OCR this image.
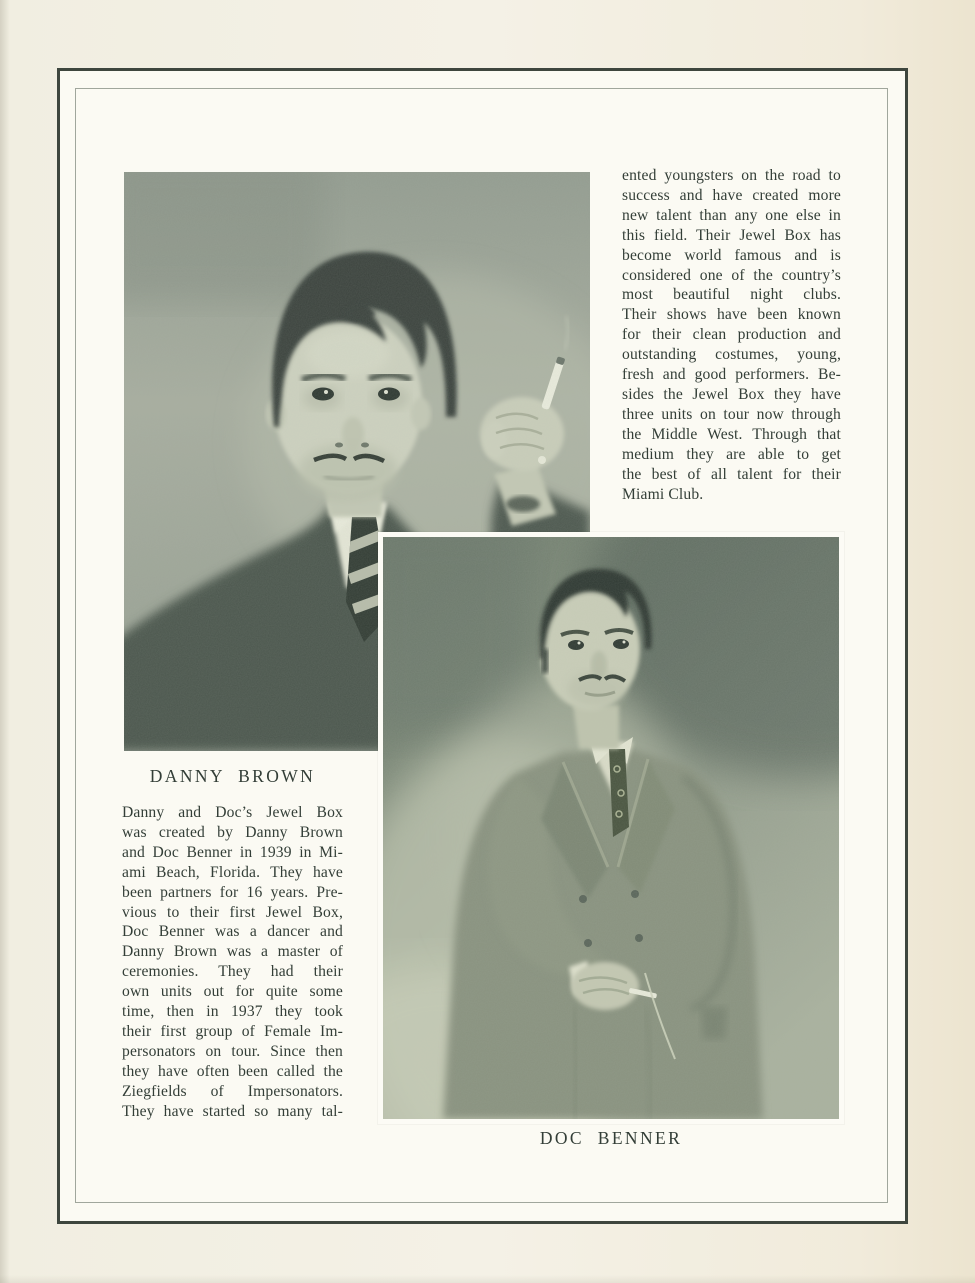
ented youngsters on the road to
success and have created more
new talent than any one else in
this field. Their Jewel Box has
become world famous and is
considered one of the country’s
most beautiful night clubs.
Their shows have been known
for their clean production and
outstanding costumes, young,
fresh and good performers. Be-
sides the Jewel Box they have
three units on tour now through
the Middle West. Through that
medium they are able to get
the best of all talent for their
Miami Club.
DANNY BROWN
Danny and Doc’s Jewel Box
was created by Danny Brown
and Doc Benner in 1939 in Mi-
ami Beach, Florida. They have
been partners for 16 years. Pre-
vious to their first Jewel Box,
Doc Benner was a dancer and
Danny Brown was a master of
ceremonies. They had their
own units out for quite some
time, then in 1937 they took
their first group of Female Im-
personators on tour. Since then
they have often been called the
Ziegfields of Impersonators.
They have started so many tal-
DOC BENNER
